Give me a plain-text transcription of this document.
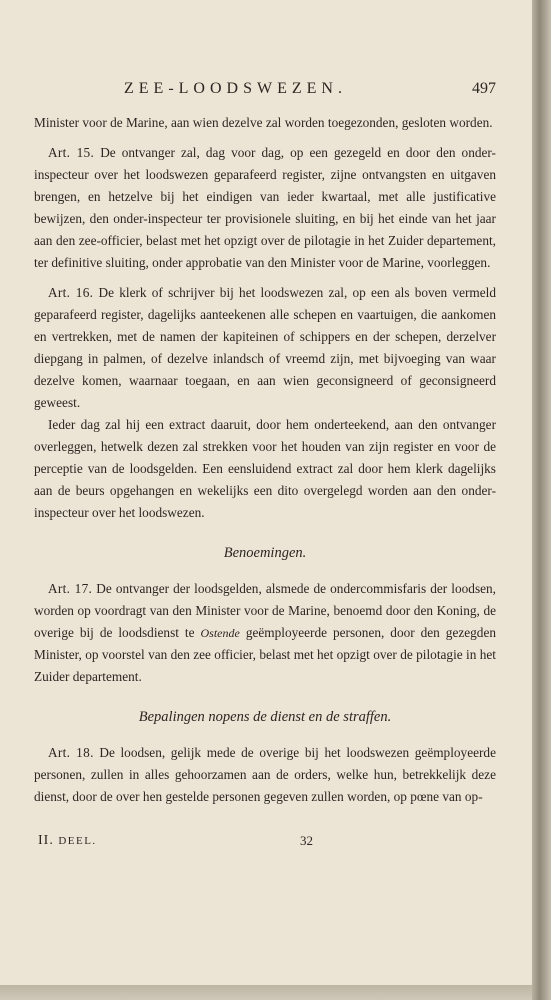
ZEE-LOODSWEZEN.	497

Minister voor de Marine, aan wien dezelve zal worden toegezonden, gesloten worden.

Art. 15. De ontvanger zal, dag voor dag, op een gezegeld en door den onder-inspecteur over het loodswezen geparafeerd register, zijne ontvangsten en uitgaven brengen, en hetzelve bij het eindigen van ieder kwartaal, met alle justificative bewijzen, den onder-inspecteur ter provisionele sluiting, en bij het einde van het jaar aan den zee-officier, belast met het opzigt over de pilotagie in het Zuider departement, ter definitive sluiting, onder approbatie van den Minister voor de Marine, voorleggen.

Art. 16. De klerk of schrijver bij het loodswezen zal, op een als boven vermeld geparafeerd register, dagelijks aanteekenen alle schepen en vaartuigen, die aankomen en vertrekken, met de namen der kapiteinen of schippers en der schepen, derzelver diepgang in palmen, of dezelve inlandsch of vreemd zijn, met bijvoeging van waar dezelve komen, waarnaar toegaan, en aan wien geconsigneerd of geconsigneerd geweest.

Ieder dag zal hij een extract daaruit, door hem onderteekend, aan den ontvanger overleggen, hetwelk dezen zal strekken voor het houden van zijn register en voor de perceptie van de loodsgelden. Een eensluidend extract zal door hem klerk dagelijks aan de beurs opgehangen en wekelijks een dito overgelegd worden aan den onder-inspecteur over het loodswezen.

Benoemingen.

Art. 17. De ontvanger der loodsgelden, alsmede de ondercommisfaris der loodsen, worden op voordragt van den Minister voor de Marine, benoemd door den Koning, de overige bij de loodsdienst te Ostende geëmployeerde personen, door den gezegden Minister, op voorstel van den zee officier, belast met het opzigt over de pilotagie in het Zuider departement.

Bepalingen nopens de dienst en de straffen.

Art. 18. De loodsen, gelijk mede de overige bij het loodswezen geëmployeerde personen, zullen in alles gehoorzamen aan de orders, welke hun, betrekkelijk deze dienst, door de over hen gestelde personen gegeven zullen worden, op pœne van op-

II. DEEL.	32
